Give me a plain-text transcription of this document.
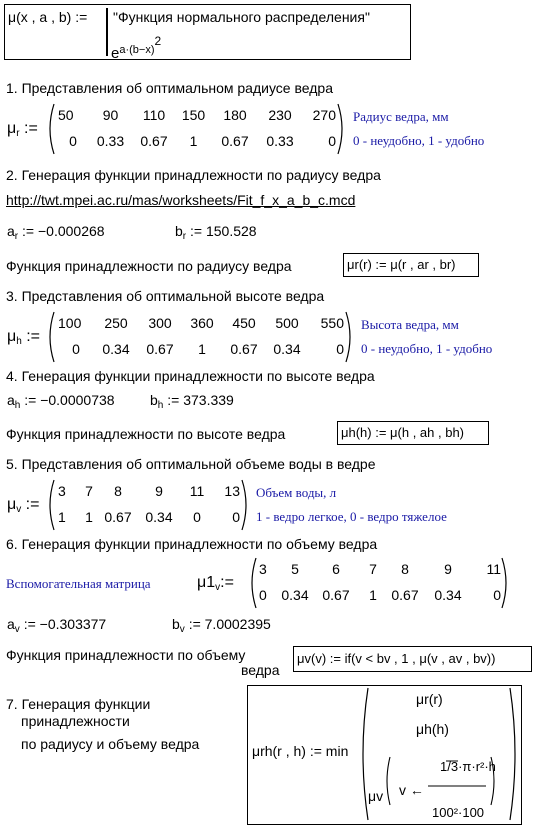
μ(x , a , b) := "Функция нормального распределения"
$e^{a\cdot(b-x)}2$
1. Представления об оптимальном радиусе ведра
$\mu_r$ :=
50	90	110	150	180	230	270
0	0.33	0.67	1	0.67	0.33	0
Радиус ведра, мм
0 - неудобно, 1 - удобно
2. Генерация функции принадлежности по радиусу ведра
http://twt.mpei.ac.ru/mas/worksheets/Fit_f_x_a_b_c.mcd
$a_r$ := −0.000268	$b_r$ := 150.528
Функция принадлежности по радиусу ведра	μr(r) := μ(r , ar , br)
3. Представления об оптимальной высоте ведра
$\mu_h$ :=
100	250	300	360	450	500	550
0	0.34	0.67	1	0.67	0.34	0
Высота ведра, мм
0 - неудобно, 1 - удобно
4. Генерация функции принадлежности по высоте ведра
$a_h$ := −0.0000738	$b_h$ := 373.339
Функция принадлежности по высоте ведра	μh(h) := μ(h , ah , bh)
5. Представления об оптимальной объеме воды в ведре
$\mu_v$ :=
3	7	8	9	11	13
1	1 0.67 0.34	0	0
Объем воды, л
1 - ведро легкое, 0 - ведро тяжелое
6. Генерация функции принадлежности по объему ведра
Вспомогательная матрица	$\mu 1_v:=$
3	5	6	7	8	9	11
0	0.34 0.67	1	0.67	0.34	0
$a_v$ := −0.303377	$b_v$ := 7.0002395
Функция принадлежности по объему
ведра
μv(v) := if(v < bv , 1 , μ(v , av , bv))
7. Генерация функции
принадлежности
по радиусу и объему ведра	μrh(r , h) := min
μr(r)
μh(h)
μv v ←
1/3·π·r²·h
100²·100
